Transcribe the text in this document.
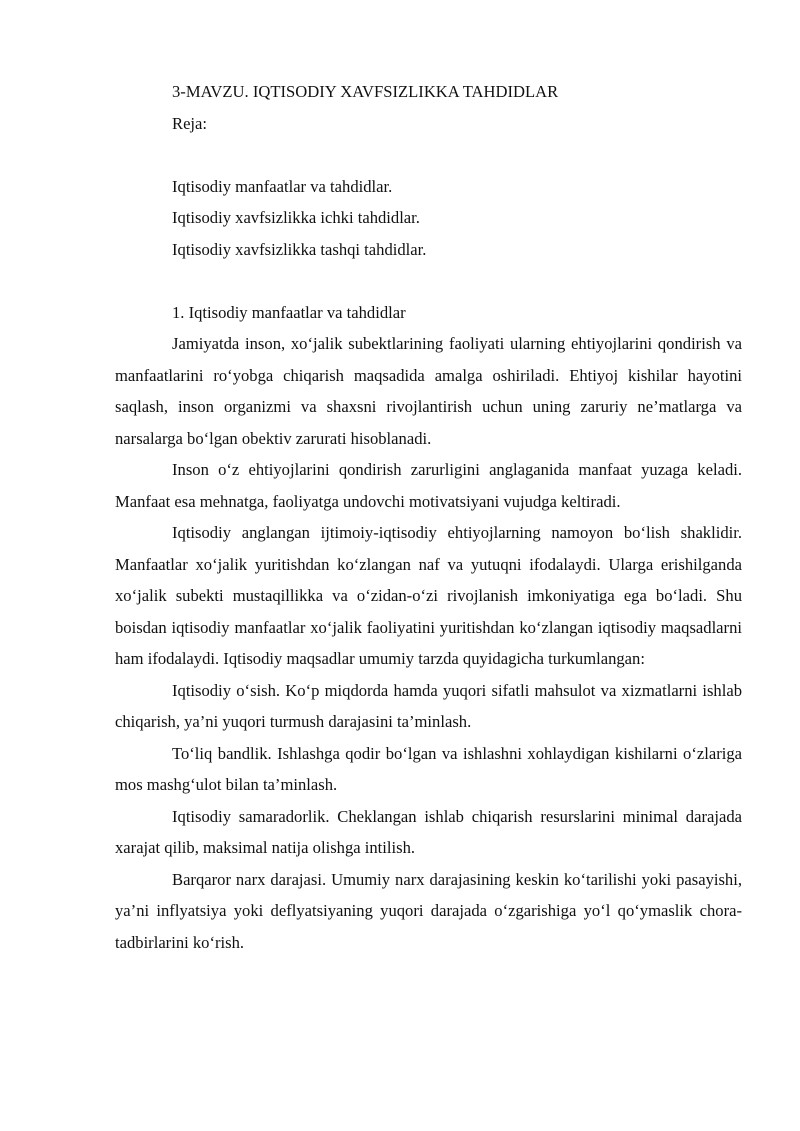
3-MAVZU. IQTISODIY XAVFSIZLIKKA TAHDIDLAR
Reja:
Iqtisodiy manfaatlar va tahdidlar.
Iqtisodiy xavfsizlikka ichki tahdidlar.
Iqtisodiy xavfsizlikka tashqi tahdidlar.
1. Iqtisodiy manfaatlar va tahdidlar

Jamiyatda inson, xo‘jalik subektlarining faoliyati ularning ehtiyojlarini qondirish va manfaatlarini ro‘yobga chiqarish maqsadida amalga oshiriladi. Ehtiyoj kishilar hayotini saqlash, inson organizmi va shaxsni rivojlantirish uchun uning zaruriy ne’matlarga va narsalarga bo‘lgan obektiv zarurati hisoblanadi.

Inson o‘z ehtiyojlarini qondirish zarurligini anglaganida manfaat yuzaga keladi. Manfaat esa mehnatga, faoliyatga undovchi motivatsiyani vujudga keltiradi.

Iqtisodiy anglangan ijtimoiy-iqtisodiy ehtiyojlarning namoyon bo‘lish shaklidir. Manfaatlar xo‘jalik yuritishdan ko‘zlangan naf va yutuqni ifodalaydi. Ularga erishilganda xo‘jalik subekti mustaqillikka va o‘zidan-o‘zi rivojlanish imkoniyatiga ega bo‘ladi. Shu boisdan iqtisodiy manfaatlar xo‘jalik faoliyatini yuritishdan ko‘zlangan iqtisodiy maqsadlarni ham ifodalaydi. Iqtisodiy maqsadlar umumiy tarzda quyidagicha turkumlangan:

Iqtisodiy o‘sish. Ko‘p miqdorda hamda yuqori sifatli mahsulot va xizmatlarni ishlab chiqarish, ya’ni yuqori turmush darajasini ta’minlash.

To‘liq bandlik. Ishlashga qodir bo‘lgan va ishlashni xohlaydigan kishilarni o‘zlariga mos mashg‘ulot bilan ta’minlash.

Iqtisodiy samaradorlik. Cheklangan ishlab chiqarish resurslarini minimal darajada xarajat qilib, maksimal natija olishga intilish.

Barqaror narx darajasi. Umumiy narx darajasining keskin ko‘tarilishi yoki pasayishi, ya’ni inflyatsiya yoki deflyatsiyaning yuqori darajada o‘zgarishiga yo‘l qo‘ymaslik chora-tadbirlarini ko‘rish.
